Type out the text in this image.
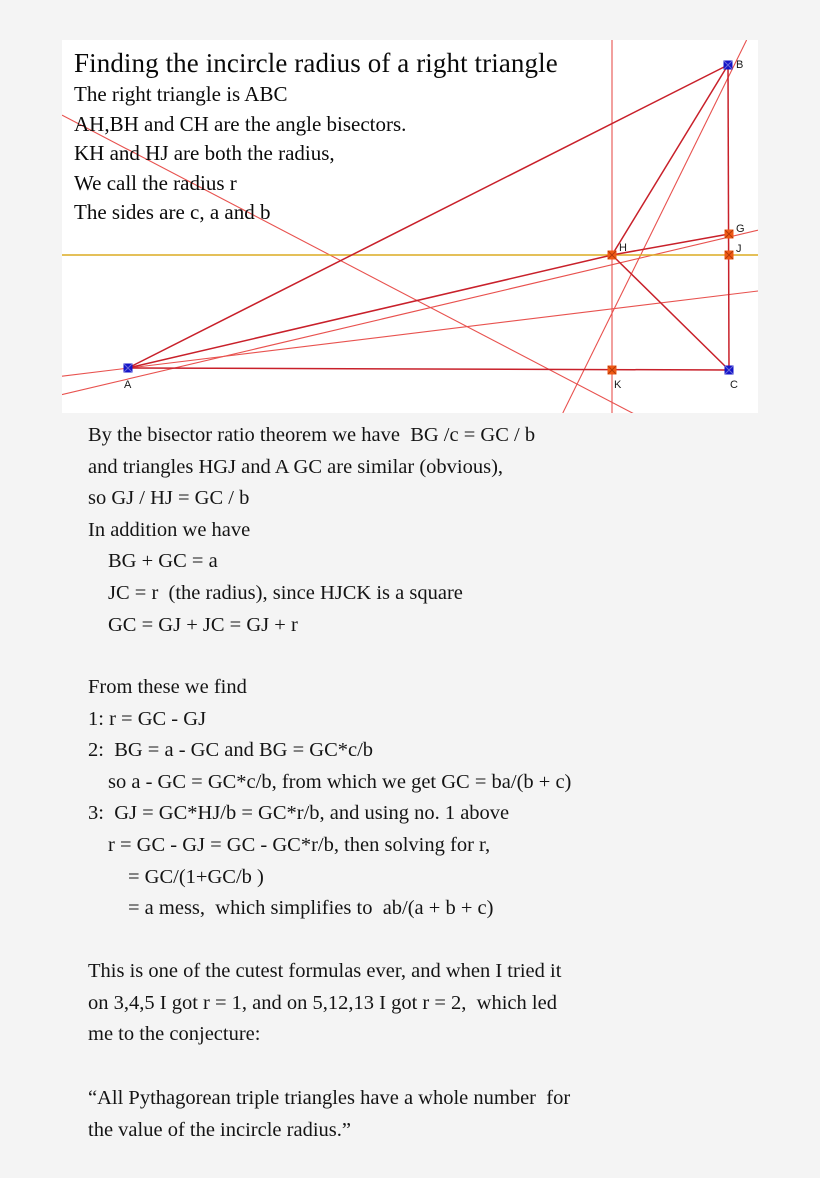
A
B
C
G
H	J
K
Finding the incircle radius of a right triangle
The right triangle is ABC
AH,BH and CH are the angle bisectors.
KH and HJ are both the radius,
We call the radius r
The sides are c, a and b
By the bisector ratio theorem we have  BG /c = GC / b
and triangles HGJ and A GC are similar (obvious),
so GJ / HJ = GC / b
In addition we have
BG + GC = a
JC = r  (the radius), since HJCK is a square
GC = GJ + JC = GJ + r
From these we find
1: r = GC - GJ
2:  BG = a - GC and BG = GC*c/b
so a - GC = GC*c/b, from which we get GC = ba/(b + c)
3:  GJ = GC*HJ/b = GC*r/b, and using no. 1 above
r = GC - GJ = GC - GC*r/b, then solving for r,
= GC/(1+GC/b )
= a mess,  which simplifies to  ab/(a + b + c)
This is one of the cutest formulas ever, and when I tried it
on 3,4,5 I got r = 1, and on 5,12,13 I got r = 2,  which led
me to the conjecture:
“All Pythagorean triple triangles have a whole number  for
the value of the incircle radius.”
